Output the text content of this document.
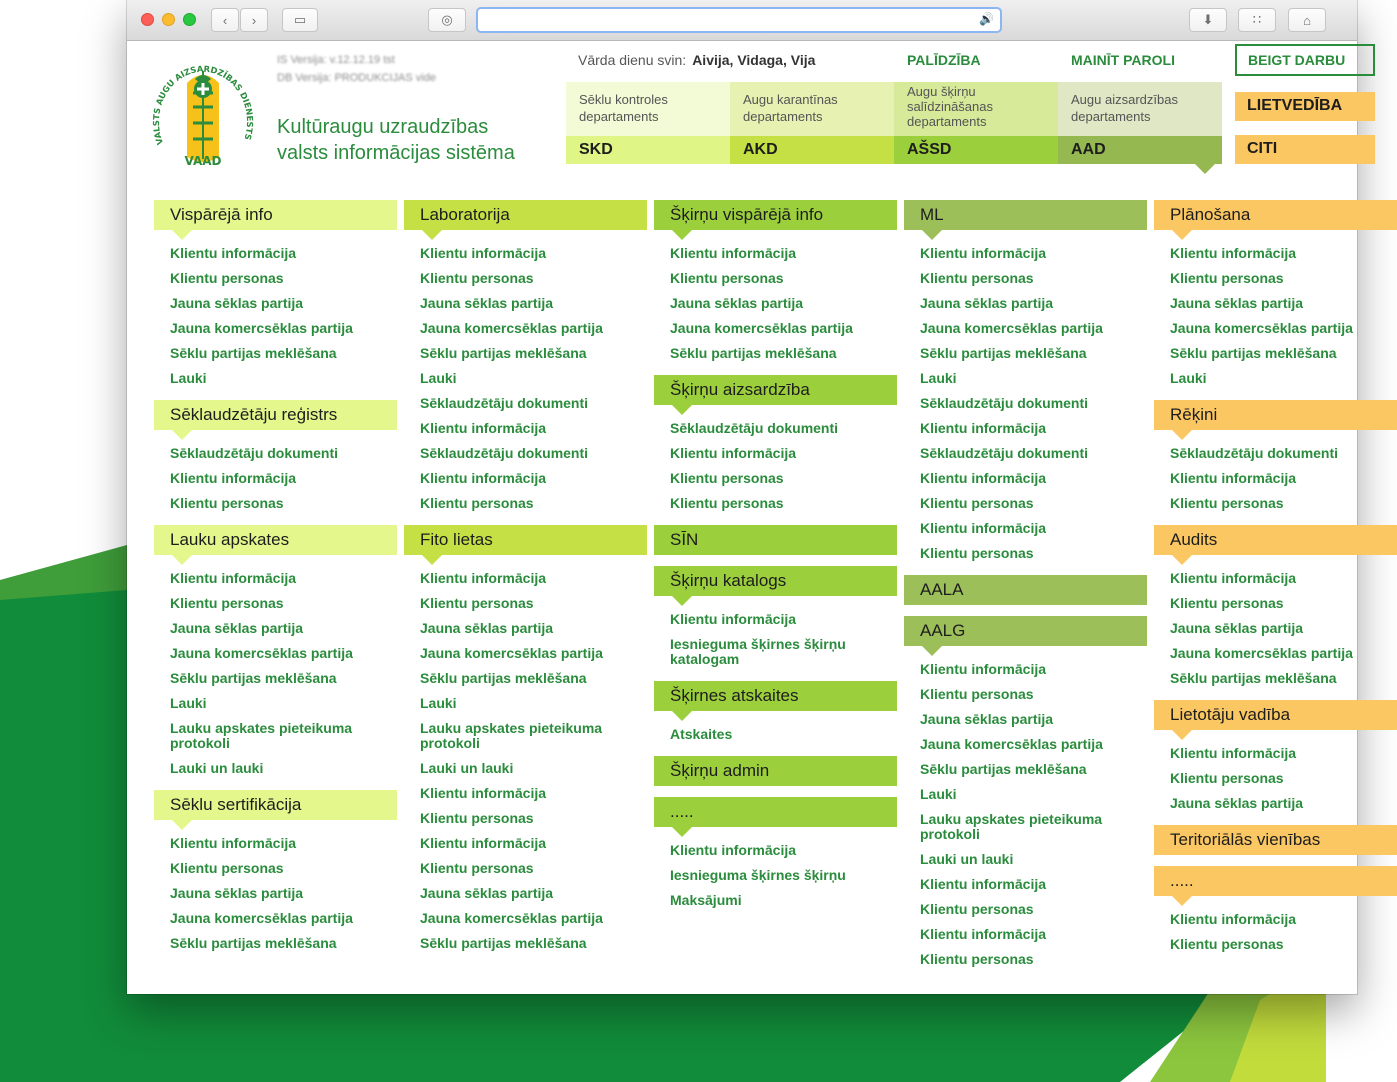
‹ ›	▭	◎	🔊	⬇	∷	⌂
VALSTS AUGU AIZSARDZĪBAS DIENESTS
VAAD
IS Versija: v.12.12.19 tst
DB Versija: PRODUKCIJAS vide
Kultūraugu uzraudzības
valsts informācijas sistēma
Vārda dienu svin: Aivija, Vidaga, Vija	PALĪDZĪBA	MAINĪT PAROLI	BEIGT DARBU
Sēklu kontroles departaments
SKD
Augu karantīnas departaments
AKD
Augu šķirņu salīdzināšanas departaments
AŠSD
Augu aizsardzības departaments
AAD
LIETVEDĪBA
CITI
Vispārējā info
Klientu informācija
Klientu personas
Jauna sēklas partija
Jauna komercsēklas partija
Sēklu partijas meklēšana
Lauki
Sēklaudzētāju reģistrs
Sēklaudzētāju dokumenti
Klientu informācija
Klientu personas
Lauku apskates
Klientu informācija
Klientu personas
Jauna sēklas partija
Jauna komercsēklas partija
Sēklu partijas meklēšana
Lauki
Lauku apskates pieteikuma protokoli
Lauki un lauki
Sēklu sertifikācija
Klientu informācija
Klientu personas
Jauna sēklas partija
Jauna komercsēklas partija
Sēklu partijas meklēšana
Laboratorija
Klientu informācija
Klientu personas
Jauna sēklas partija
Jauna komercsēklas partija
Sēklu partijas meklēšana
Lauki
Sēklaudzētāju dokumenti
Klientu informācija
Sēklaudzētāju dokumenti
Klientu informācija
Klientu personas
Fito lietas
Klientu informācija
Klientu personas
Jauna sēklas partija
Jauna komercsēklas partija
Sēklu partijas meklēšana
Lauki
Lauku apskates pieteikuma protokoli
Lauki un lauki
Klientu informācija
Klientu personas
Klientu informācija
Klientu personas
Jauna sēklas partija
Jauna komercsēklas partija
Sēklu partijas meklēšana
Šķirņu vispārējā info
Klientu informācija
Klientu personas
Jauna sēklas partija
Jauna komercsēklas partija
Sēklu partijas meklēšana
Šķirņu aizsardzība
Sēklaudzētāju dokumenti
Klientu informācija
Klientu personas
Klientu personas
SĪN
Šķirņu katalogs
Klientu informācija
Iesnieguma šķirnes šķirņu katalogam
Šķirnes atskaites
Atskaites
Šķirņu admin
.....
Klientu informācija
Iesnieguma šķirnes šķirņu
Maksājumi
ML
Klientu informācija
Klientu personas
Jauna sēklas partija
Jauna komercsēklas partija
Sēklu partijas meklēšana
Lauki
Sēklaudzētāju dokumenti
Klientu informācija
Sēklaudzētāju dokumenti
Klientu informācija
Klientu personas
Klientu informācija
Klientu personas
AALA
AALG
Klientu informācija
Klientu personas
Jauna sēklas partija
Jauna komercsēklas partija
Sēklu partijas meklēšana
Lauki
Lauku apskates pieteikuma protokoli
Lauki un lauki
Klientu informācija
Klientu personas
Klientu informācija
Klientu personas
Plānošana
Klientu informācija
Klientu personas
Jauna sēklas partija
Jauna komercsēklas partija
Sēklu partijas meklēšana
Lauki
Rēķini
Sēklaudzētāju dokumenti
Klientu informācija
Klientu personas
Audits
Klientu informācija
Klientu personas
Jauna sēklas partija
Jauna komercsēklas partija
Sēklu partijas meklēšana
Lietotāju vadība
Klientu informācija
Klientu personas
Jauna sēklas partija
Teritoriālās vienības
.....
Klientu informācija
Klientu personas
